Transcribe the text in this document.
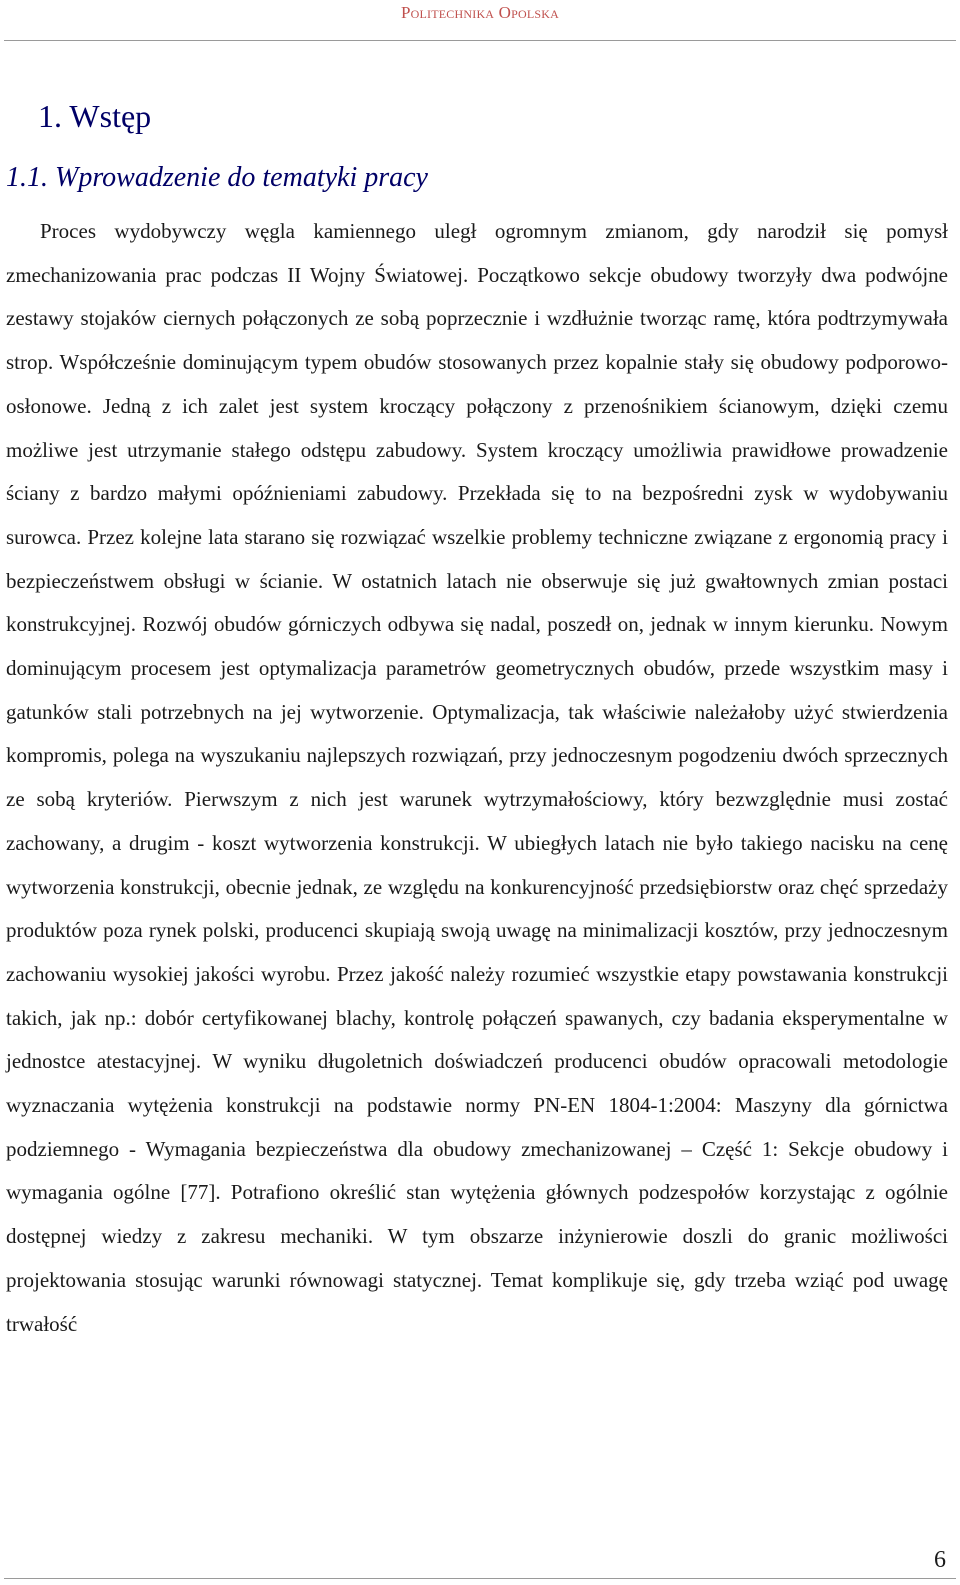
Politechnika Opolska
1. Wstęp
1.1. Wprowadzenie do tematyki pracy

Proces wydobywczy węgla kamiennego uległ ogromnym zmianom, gdy narodził się pomysł zmechanizowania prac podczas II Wojny Światowej. Początkowo sekcje obudowy tworzyły dwa podwójne zestawy stojaków ciernych połączonych ze sobą poprzecznie i wzdłużnie tworząc ramę, która podtrzymywała strop. Współcześnie dominującym typem obudów stosowanych przez kopalnie stały się obudowy podporowo-osłonowe. Jedną z ich zalet jest system kroczący połączony z przenośnikiem ścianowym, dzięki czemu możliwe jest utrzymanie stałego odstępu zabudowy. System kroczący umożliwia prawidłowe prowadzenie ściany z bardzo małymi opóźnieniami zabudowy. Przekłada się to na bezpośredni zysk w wydobywaniu surowca. Przez kolejne lata starano się rozwiązać wszelkie problemy techniczne związane z ergonomią pracy i bezpieczeństwem obsługi w ścianie. W ostatnich latach nie obserwuje się już gwałtownych zmian postaci konstrukcyjnej. Rozwój obudów górniczych odbywa się nadal, poszedł on, jednak w innym kierunku. Nowym dominującym procesem jest optymalizacja parametrów geometrycznych obudów, przede wszystkim masy i gatunków stali potrzebnych na jej wytworzenie. Optymalizacja, tak właściwie należałoby użyć stwierdzenia kompromis, polega na wyszukaniu najlepszych rozwiązań, przy jednoczesnym pogodzeniu dwóch sprzecznych ze sobą kryteriów. Pierwszym z nich jest warunek wytrzymałościowy, który bezwzględnie musi zostać zachowany, a drugim - koszt wytworzenia konstrukcji. W ubiegłych latach nie było takiego nacisku na cenę wytworzenia konstrukcji, obecnie jednak, ze względu na konkurencyjność przedsiębiorstw oraz chęć sprzedaży produktów poza rynek polski, producenci skupiają swoją uwagę na minimalizacji kosztów, przy jednoczesnym zachowaniu wysokiej jakości wyrobu. Przez jakość należy rozumieć wszystkie etapy powstawania konstrukcji takich, jak np.: dobór certyfikowanej blachy, kontrolę połączeń spawanych, czy badania eksperymentalne w jednostce atestacyjnej. W wyniku długoletnich doświadczeń producenci obudów opracowali metodologie wyznaczania wytężenia konstrukcji na podstawie normy PN-EN 1804-1:2004: Maszyny dla górnictwa podziemnego - Wymagania bezpieczeństwa dla obudowy zmechanizowanej – Część 1: Sekcje obudowy i wymagania ogólne [77]. Potrafiono określić stan wytężenia głównych podzespołów korzystając z ogólnie dostępnej wiedzy z zakresu mechaniki. W tym obszarze inżynierowie doszli do granic możliwości projektowania stosując warunki równowagi statycznej. Temat komplikuje się, gdy trzeba wziąć pod uwagę trwałość

6
